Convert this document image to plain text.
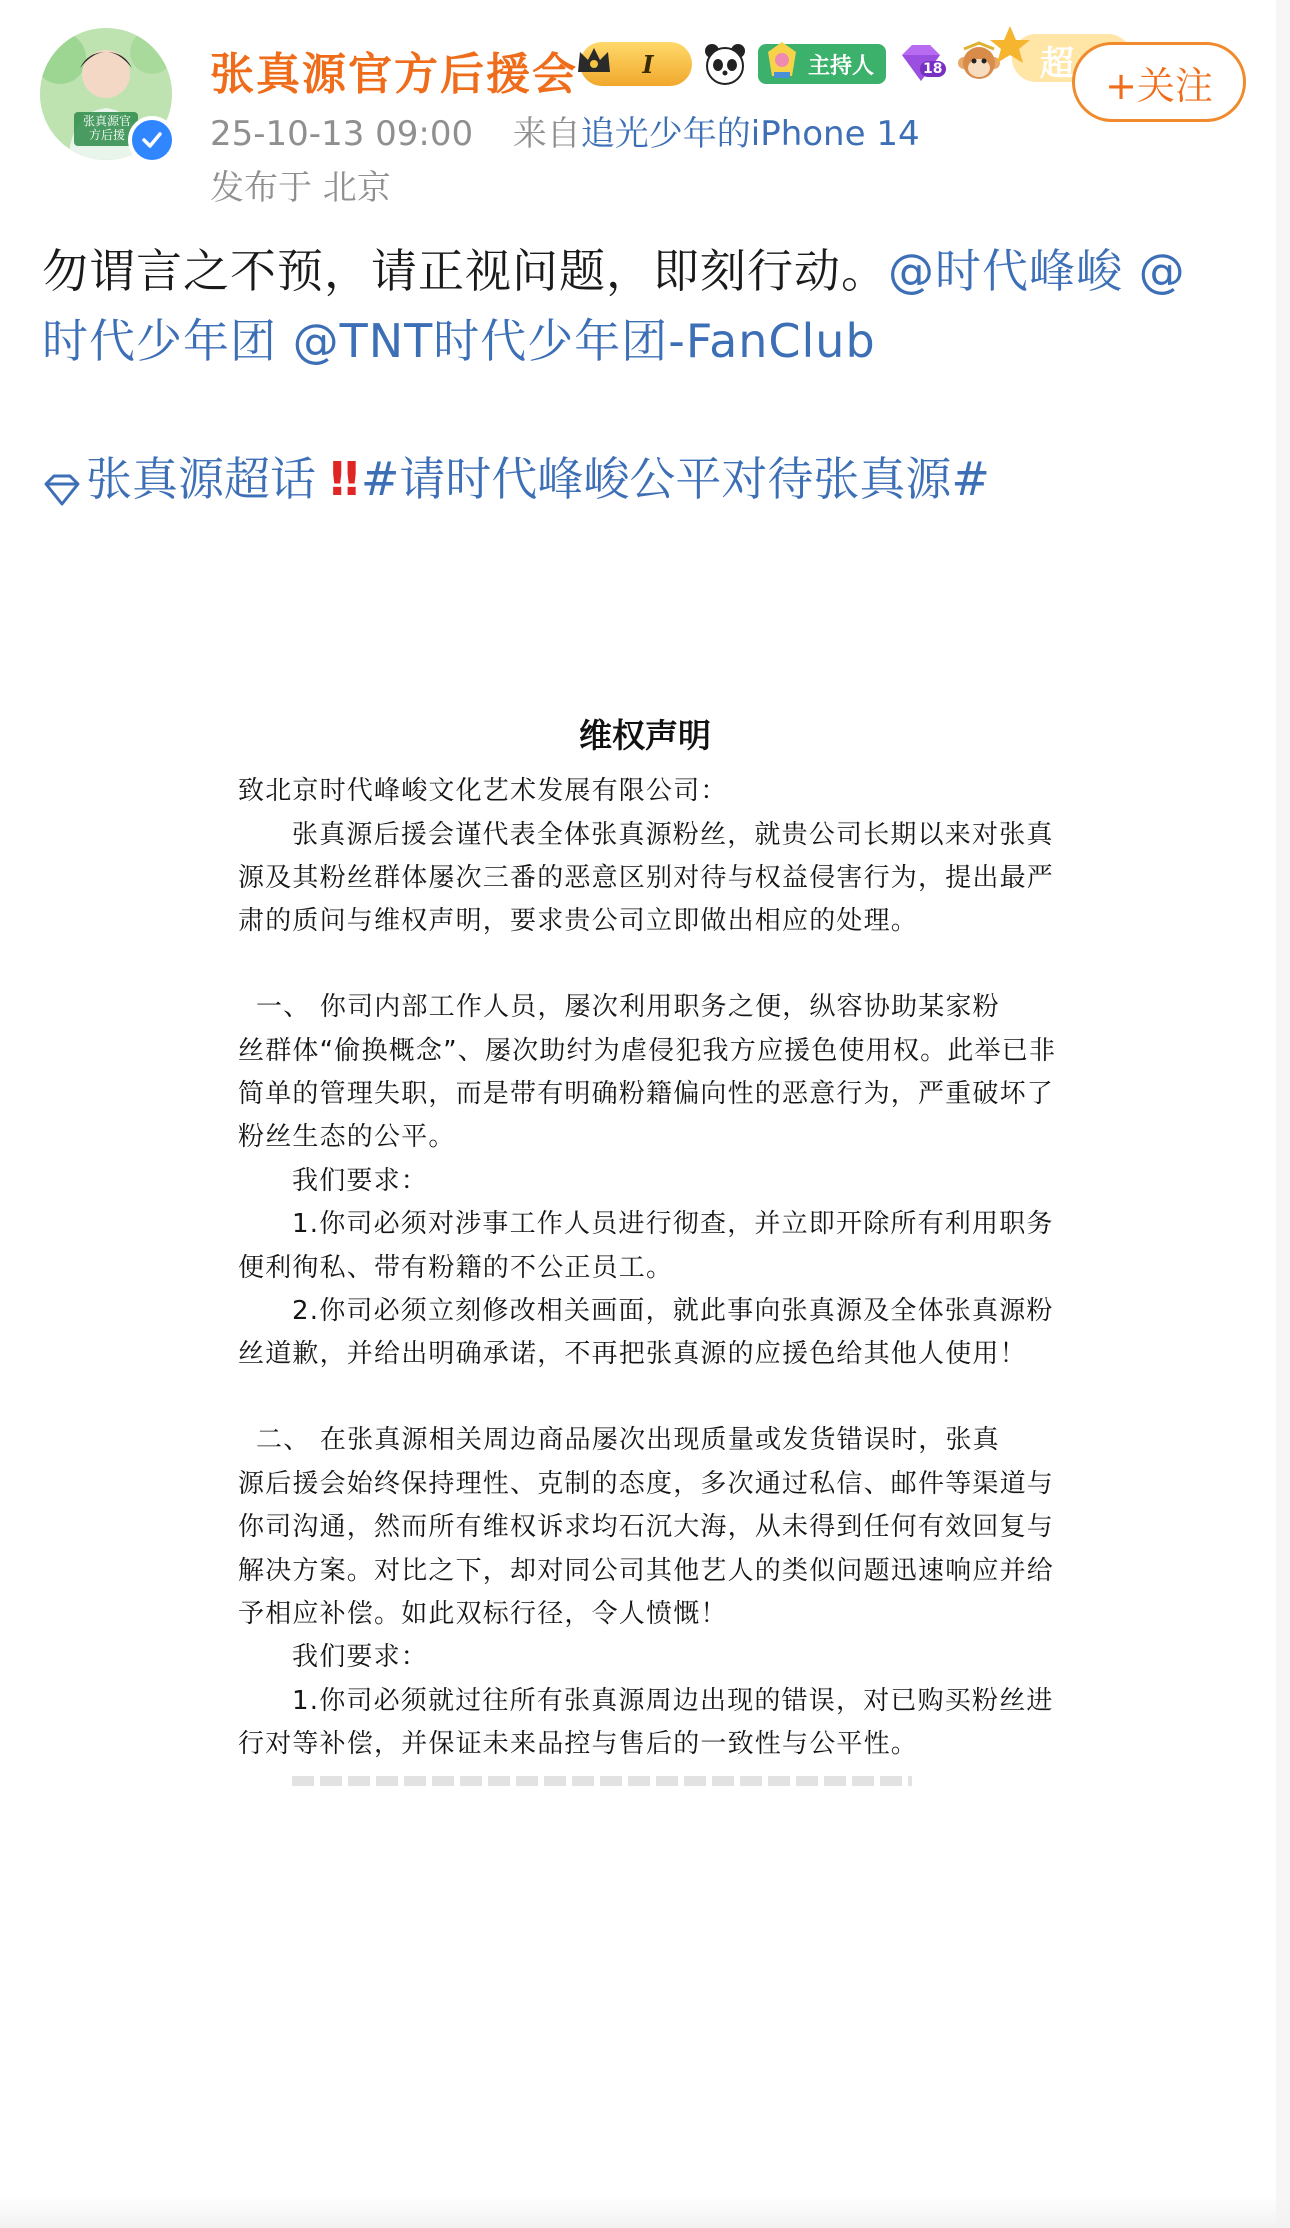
张真源官方后援
张真源官方后援会	I	主持人	18	超 +关注
25-10-13 09:00 来自追光少年的iPhone 14
发布于 北京
勿谓言之不预，请正视问题，即刻行动。@时代峰峻 @
时代少年团 @TNT时代少年团-FanClub
张真源超话 ‼ #请时代峰峻公平对待张真源#
维权声明
致北京时代峰峻文化艺术发展有限公司：
张真源后援会谨代表全体张真源粉丝，就贵公司长期以来对张真
源及其粉丝群体屡次三番的恶意区别对待与权益侵害行为，提出最严
肃的质问与维权声明，要求贵公司立即做出相应的处理。
一、 你司内部工作人员，屡次利用职务之便，纵容协助某家粉
丝群体“偷换概念”、屡次助纣为虐侵犯我方应援色使用权。此举已非
简单的管理失职，而是带有明确粉籍偏向性的恶意行为，严重破坏了
粉丝生态的公平。
我们要求：
1.你司必须对涉事工作人员进行彻查，并立即开除所有利用职务
便利徇私、带有粉籍的不公正员工。
2.你司必须立刻修改相关画面，就此事向张真源及全体张真源粉
丝道歉，并给出明确承诺，不再把张真源的应援色给其他人使用！
二、 在张真源相关周边商品屡次出现质量或发货错误时，张真
源后援会始终保持理性、克制的态度，多次通过私信、邮件等渠道与
你司沟通，然而所有维权诉求均石沉大海，从未得到任何有效回复与
解决方案。对比之下，却对同公司其他艺人的类似问题迅速响应并给
予相应补偿。如此双标行径，令人愤慨！
我们要求：
1.你司必须就过往所有张真源周边出现的错误，对已购买粉丝进
行对等补偿，并保证未来品控与售后的一致性与公平性。
